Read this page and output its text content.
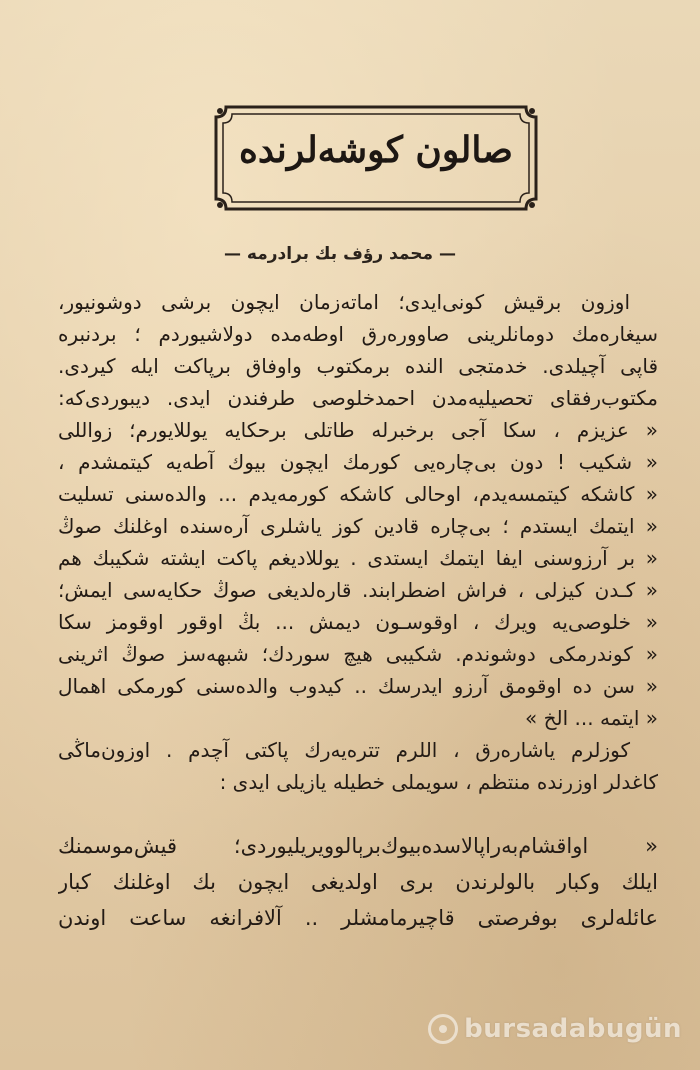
صالون كوشه‌لرنده
— محمد رؤف بك برادرمه —
اوزون برقيش كونى‌ايدى؛ اماته‌زمان ايچون برشى دوشونيور،
سيغاره‌مك دومانلرينى صاووره‌رق اوطه‌مده دولاشيوردم ؛ بردنبره
قاپى آچيلدى. خدمتجى النده برمكتوب واوفاق برپاكت ايله كيردى.
مكتوب‌رفقاى تحصيليه‌مدن احمد‌خلوصى طرفندن ايدى. ديبوردى‌كه:
« عزيزم ، سكا آجى برخبرله طاتلى برحكايه يوللايورم؛ زواللى
« شكيب ! دون بى‌چاره‌يى كورمك ايچون بيوك آطه‌يه كيتمشدم ،
« كاشكه كيتمسه‌يدم، اوحالى كاشكه كورمه‌يدم ... والده‌سنى تسليت
« ايتمك ايستدم ؛ بى‌چاره قادين كوز ياشلرى آره‌سنده اوغلنك صوڭ
« بر آرزوسنى ايفا ايتمك ايستدى . يوللاديغم پاكت ايشته شكيبك هم
« كـدن كيزلى ، فراش اضطرابند. قاره‌لديغى صوڭ حكايه‌سى ايمش؛
« خلوصى‌يه ويرك ، اوقوسـون ديمش ... بڭ اوقور اوقومز سكا
« كوندرمكى دوشوندم. شكيبى هيچ سوردك؛ شبهه‌سز صوڭ اثرينى
« سن ده اوقومق آرزو ايدرسك .. كيدوب والده‌سنى كورمكى اهمال
« ايتمه ... الخ »
كوزلرم ياشاره‌رق ، اللرم تتره‌يه‌رك پاكتى آچدم . اوزون‌ماڭى
كاغدلر اوزرنده منتظم ، سويملى خطيله يازيلى ايدى :
« اواقشام‌به‌راپالاسده‌بيوك‌برېالوويريليوردى؛ قيش‌موسمنك
ايلك وكبار بالولرندن برى اولديغى ايچون بك اوغلنك كبار
عائله‌لرى بوفرصتى قاچيرمامشلر .. آلافرانغه ساعت اوندن
bursadabugün
